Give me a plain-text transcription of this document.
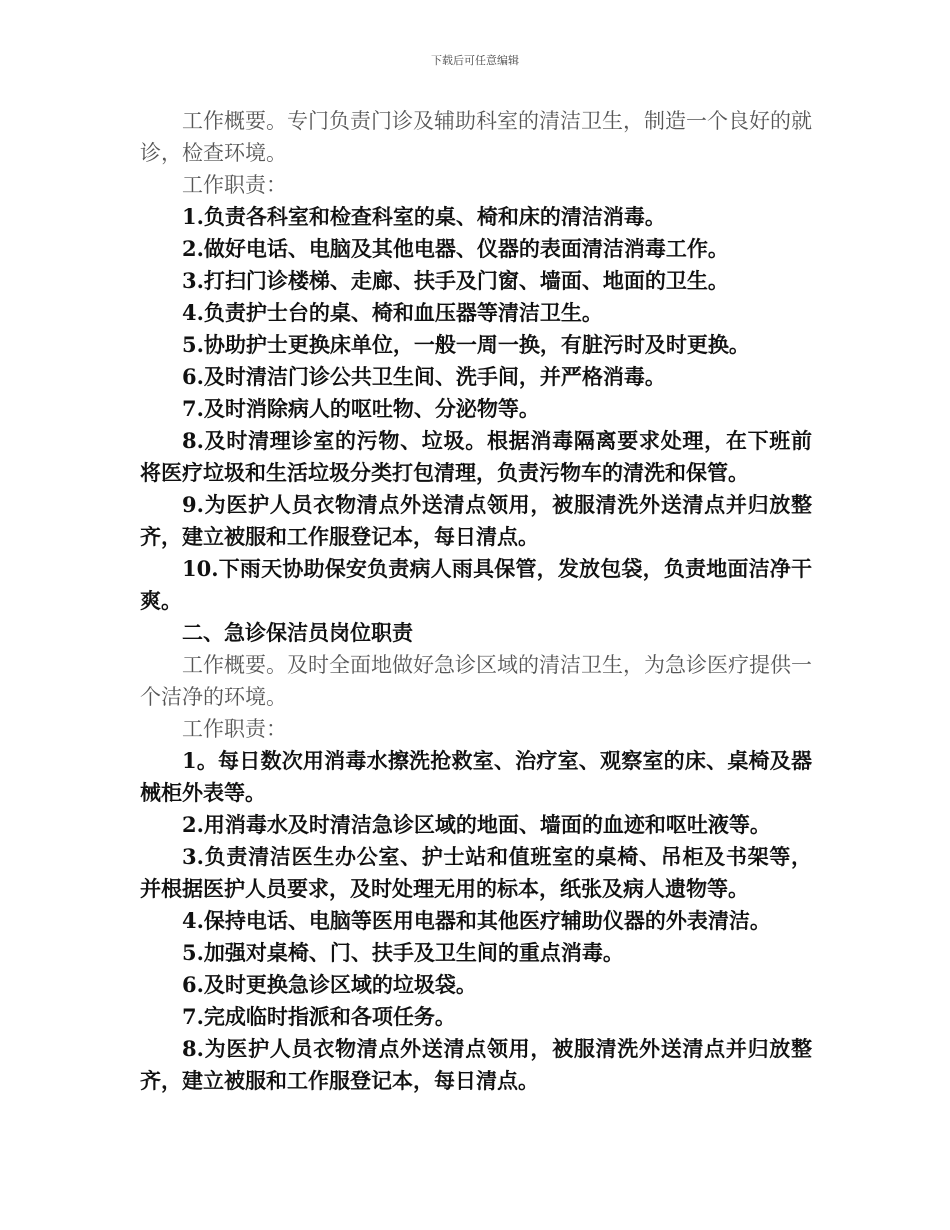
下载后可任意编辑

工作概要。专门负责门诊及辅助科室的清洁卫生，制造一个良好的就诊，检查环境。

工作职责：

1.负责各科室和检查科室的桌、椅和床的清洁消毒。

2.做好电话、电脑及其他电器、仪器的表面清洁消毒工作。

3.打扫门诊楼梯、走廊、扶手及门窗、墙面、地面的卫生。

4.负责护士台的桌、椅和血压器等清洁卫生。

5.协助护士更换床单位，一般一周一换，有脏污时及时更换。

6.及时清洁门诊公共卫生间、洗手间，并严格消毒。

7.及时消除病人的呕吐物、分泌物等。

8.及时清理诊室的污物、垃圾。根据消毒隔离要求处理，在下班前将医疗垃圾和生活垃圾分类打包清理，负责污物车的清洗和保管。

9.为医护人员衣物清点外送清点领用，被服清洗外送清点并归放整齐，建立被服和工作服登记本，每日清点。

10.下雨天协助保安负责病人雨具保管，发放包袋，负责地面洁净干爽。

二、急诊保洁员岗位职责

工作概要。及时全面地做好急诊区域的清洁卫生，为急诊医疗提供一个洁净的环境。

工作职责：

1。每日数次用消毒水擦洗抢救室、治疗室、观察室的床、桌椅及器械柜外表等。

2.用消毒水及时清洁急诊区域的地面、墙面的血迹和呕吐液等。

3.负责清洁医生办公室、护士站和值班室的桌椅、吊柜及书架等，并根据医护人员要求，及时处理无用的标本，纸张及病人遗物等。

4.保持电话、电脑等医用电器和其他医疗辅助仪器的外表清洁。

5.加强对桌椅、门、扶手及卫生间的重点消毒。

6.及时更换急诊区域的垃圾袋。

7.完成临时指派和各项任务。

8.为医护人员衣物清点外送清点领用，被服清洗外送清点并归放整齐，建立被服和工作服登记本，每日清点。
